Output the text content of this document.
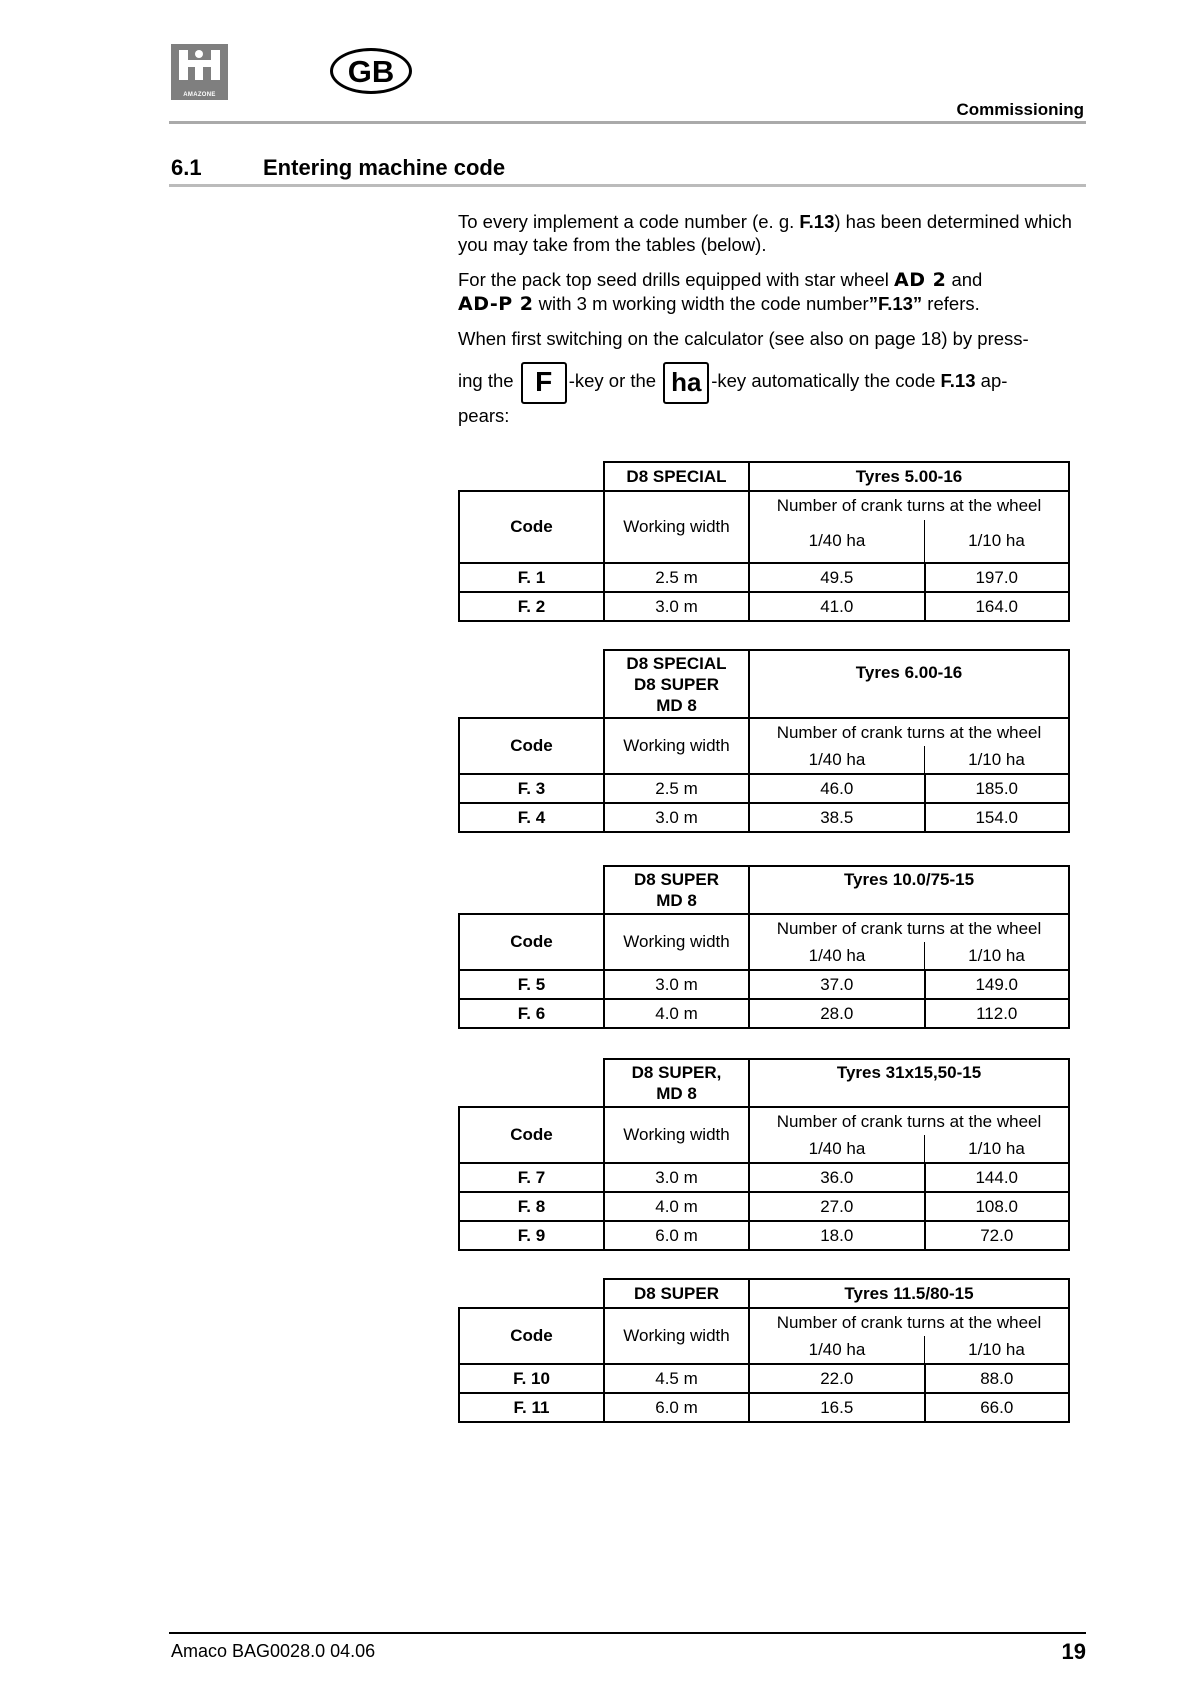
AMAZONE
GB
Commissioning
6.1	Entering machine code
To every implement a code number (e. g. F.13) has been determined which you may take from the tables (below).
For the pack top seed drills equipped with star wheel AD 2 and
AD-P 2 with 3 m working width the code number”F.13” refers.
When first switching on the calculator (see also on page 18) by press-
ing the F -key or the ha -key automatically the code F.13 ap-
pears:
	D8 SPECIAL	Tyres 5.00-16	
Code	Working width	Number of crank turns at the wheel	
		1/40 ha	1/10 ha
F. 1	2.5 m	49.5	197.0
F. 2	3.0 m	41.0	164.0
	D8 SPECIAL
D8 SUPER
MD 8	Tyres 6.00-16	
Code	Working width	Number of crank turns at the wheel	
		1/40 ha	1/10 ha
F. 3	2.5 m	46.0	185.0
F. 4	3.0 m	38.5	154.0
	D8 SUPER
MD 8	Tyres 10.0/75-15	
Code	Working width	Number of crank turns at the wheel	
		1/40 ha	1/10 ha
F. 5	3.0 m	37.0	149.0
F. 6	4.0 m	28.0	112.0
	D8 SUPER,
MD 8	Tyres 31x15,50-15	
Code	Working width	Number of crank turns at the wheel	
		1/40 ha	1/10 ha
F. 7	3.0 m	36.0	144.0
F. 8	4.0 m	27.0	108.0
F. 9	6.0 m	18.0	72.0
	D8 SUPER	Tyres 11.5/80-15	
Code	Working width	Number of crank turns at the wheel	
		1/40 ha	1/10 ha
F. 10	4.5 m	22.0	88.0
F. 11	6.0 m	16.5	66.0
Amaco BAG0028.0 04.06	19
